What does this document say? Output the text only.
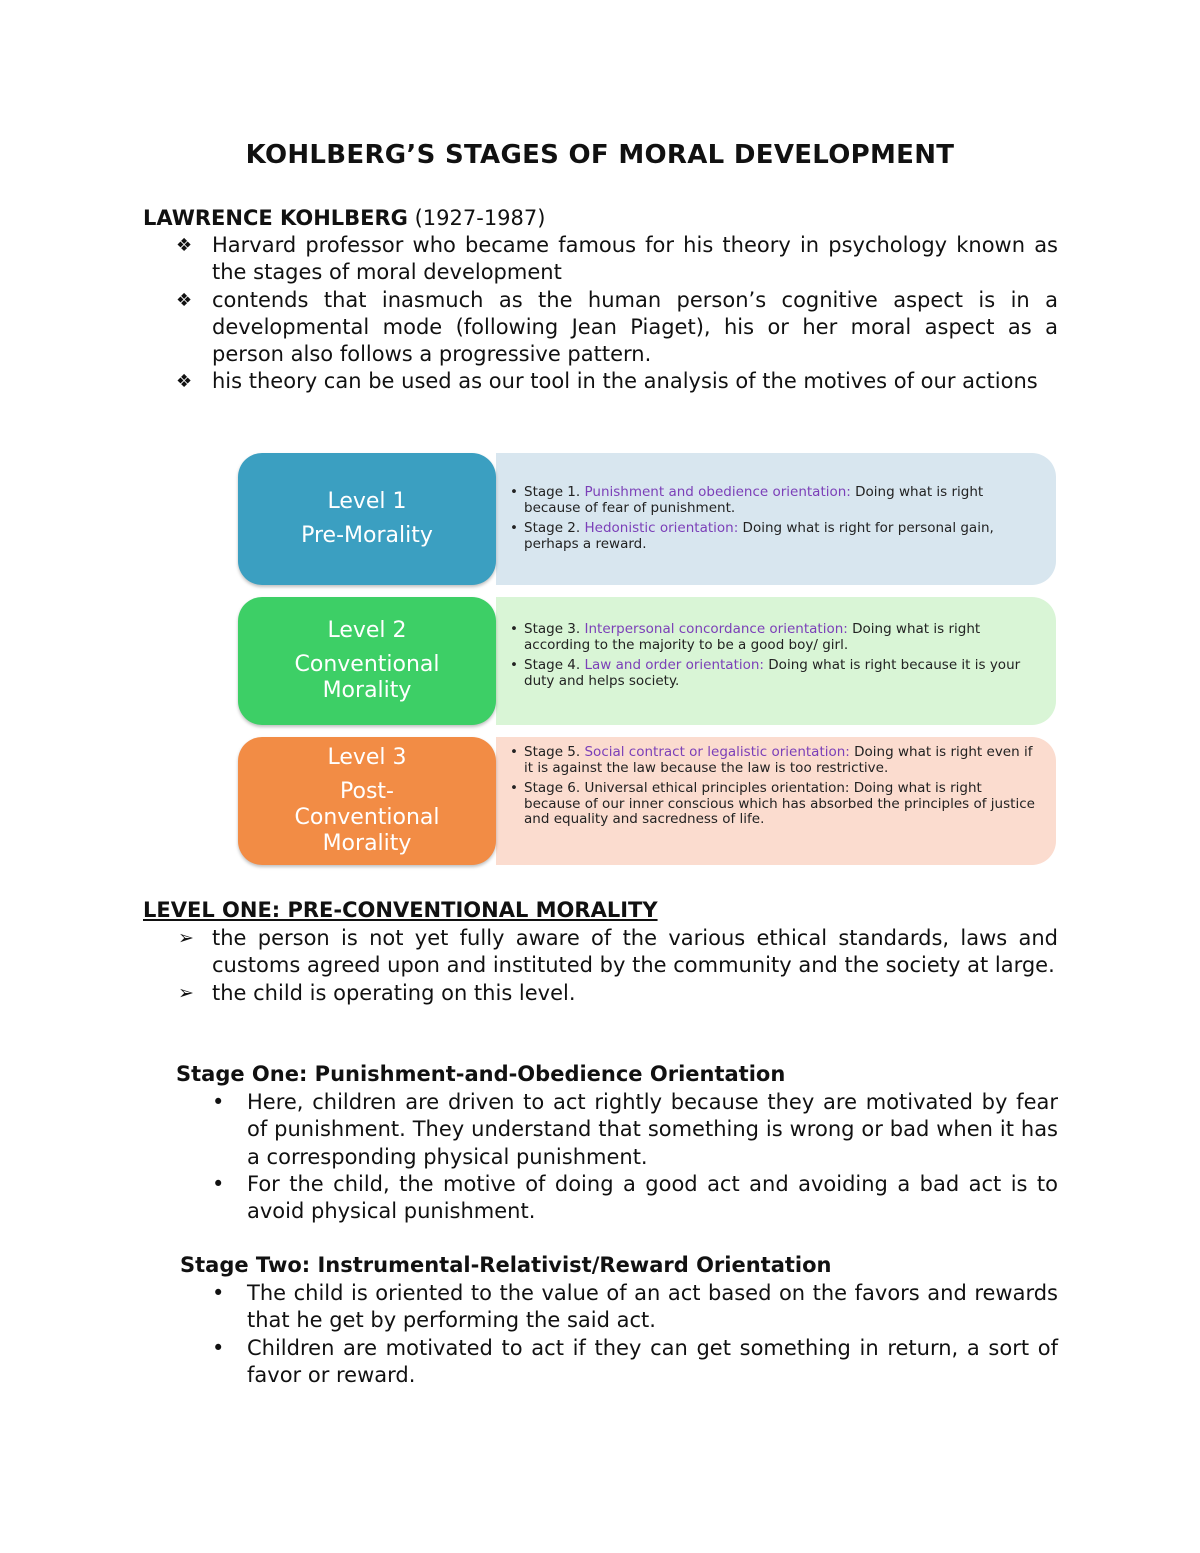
KOHLBERG’S STAGES OF MORAL DEVELOPMENT

LAWRENCE KOHLBERG (1927-1987)

❖ Harvard professor who became famous for his theory in psychology known as the stages of moral development
❖ contends that inasmuch as the human person’s cognitive aspect is in a developmental mode (following Jean Piaget), his or her moral aspect as a person also follows a progressive pattern.
❖ his theory can be used as our tool in the analysis of the motives of our actions
• Stage 1. Punishment and obedience orientation: Doing what is right because of fear of punishment.
• Stage 2. Hedonistic orientation: Doing what is right for personal gain, perhaps a reward.
Level 1
Pre-Morality
• Stage 3. Interpersonal concordance orientation: Doing what is right according to the majority to be a good boy/ girl.
• Stage 4. Law and order orientation: Doing what is right because it is your duty and helps society.
Level 2
Conventional
Morality
• Stage 5. Social contract or legalistic orientation: Doing what is right even if it is against the law because the law is too restrictive.
• Stage 6. Universal ethical principles orientation: Doing what is right because of our inner conscious which has absorbed the principles of justice and equality and sacredness of life.
Level 3
Post-
Conventional
Morality
LEVEL ONE: PRE-CONVENTIONAL MORALITY
➢ the person is not yet fully aware of the various ethical standards, laws and customs agreed upon and instituted by the community and the society at large.
➢ the child is operating on this level.
Stage One: Punishment-and-Obedience Orientation
• Here, children are driven to act rightly because they are motivated by fear of punishment. They understand that something is wrong or bad when it has a corresponding physical punishment.
• For the child, the motive of doing a good act and avoiding a bad act is to avoid physical punishment.
Stage Two: Instrumental-Relativist/Reward Orientation
• The child is oriented to the value of an act based on the favors and rewards that he get by performing the said act.
• Children are motivated to act if they can get something in return, a sort of favor or reward.
